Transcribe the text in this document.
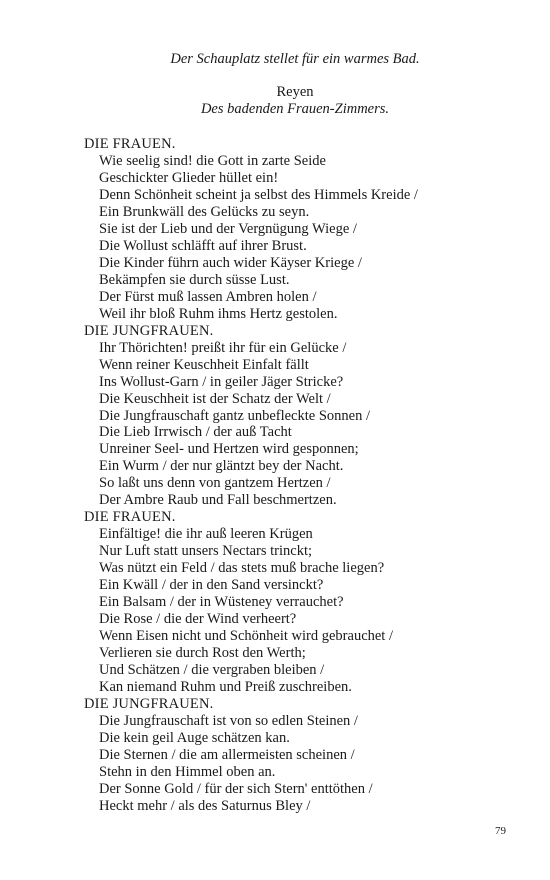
Der Schauplatz stellet für ein warmes Bad.
Reyen
Des badenden Frauen-Zimmers.
DIE FRAUEN.
Wie seelig sind! die Gott in zarte Seide
Geschickter Glieder hüllet ein!
Denn Schönheit scheint ja selbst des Himmels Kreide /
Ein Brunkwäll des Gelücks zu seyn.
Sie ist der Lieb und der Vergnügung Wiege /
Die Wollust schläfft auf ihrer Brust.
Die Kinder führn auch wider Käyser Kriege /
Bekämpfen sie durch süsse Lust.
Der Fürst muß lassen Ambren holen /
Weil ihr bloß Ruhm ihms Hertz gestolen.
DIE JUNGFRAUEN.
Ihr Thörichten! preißt ihr für ein Gelücke /
Wenn reiner Keuschheit Einfalt fällt
Ins Wollust-Garn / in geiler Jäger Stricke?
Die Keuschheit ist der Schatz der Welt /
Die Jungfrauschaft gantz unbefleckte Sonnen /
Die Lieb Irrwisch / der auß Tacht
Unreiner Seel- und Hertzen wird gesponnen;
Ein Wurm / der nur gläntzt bey der Nacht.
So laßt uns denn von gantzem Hertzen /
Der Ambre Raub und Fall beschmertzen.
DIE FRAUEN.
Einfältige! die ihr auß leeren Krügen
Nur Luft statt unsers Nectars trinckt;
Was nützt ein Feld / das stets muß brache liegen?
Ein Kwäll / der in den Sand versinckt?
Ein Balsam / der in Wüsteney verrauchet?
Die Rose / die der Wind verheert?
Wenn Eisen nicht und Schönheit wird gebrauchet /
Verlieren sie durch Rost den Werth;
Und Schätzen / die vergraben bleiben /
Kan niemand Ruhm und Preiß zuschreiben.
DIE JUNGFRAUEN.
Die Jungfrauschaft ist von so edlen Steinen /
Die kein geil Auge schätzen kan.
Die Sternen / die am allermeisten scheinen /
Stehn in den Himmel oben an.
Der Sonne Gold / für der sich Stern' enttöthen /
Heckt mehr / als des Saturnus Bley /
79
